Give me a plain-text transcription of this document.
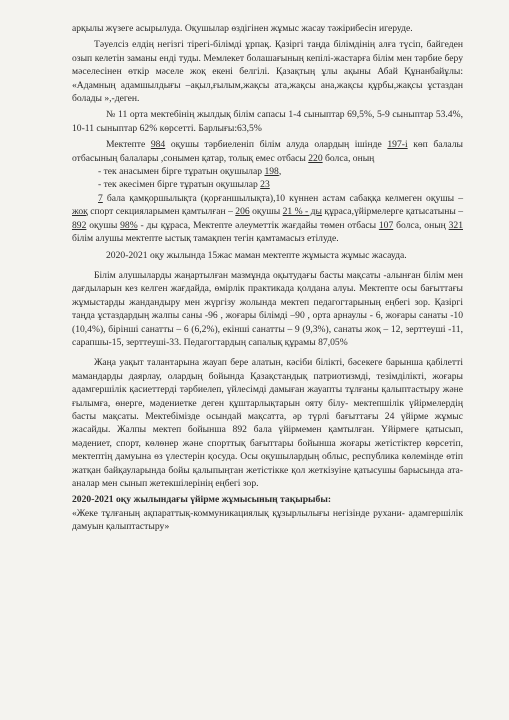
арқылы жүзеге асырылуда. Оқушылар өздігінен жұмыс жасау тәжірибесін игеруде.

Тәуелсіз елдің негізгі тірегі-білімді ұрпақ. Қазіргі таңда білімдінің алға түсіп, байгеден озып келетін заманы енді туды. Мемлекет болашағының кепілі-жастарға білім мен тәрбие беру мәселесінен өткір мәселе жоқ екені белгілі. Қазақтың ұлы ақыны Абай Құнанбайұлы: «Адамның адамшылдығы –ақыл,ғылым,жақсы ата,жақсы ана,жақсы құрбы,жақсы ұстаздан болады »,-деген.

№ 11 орта мектебінің жылдық білім сапасы 1-4 сыныптар 69,5%, 5-9 сыныптар 53.4%, 10-11 сыныптар 62% көрсетті. Барлығы:63,5%

Мектепте 984 оқушы тәрбиеленіп білім алуда олардың ішінде 197-і көп балалы отбасының балалары ,сонымен қатар, толық емес отбасы 220 болса, оның

- тек анасымен бірге тұратын оқушылар 198,

- тек әкесімен бірге тұратын оқушылар 23

7 бала қамқоршылықта (қорғаншылықта),10 күннен астам сабаққа келмеген оқушы – жоқ спорт секцияларымен қамтылған – 206 оқушы 21 % - ды құраса,үйірмелерге қатысатыны – 892 оқушы 98% - ды құраса, Мектепте әлеуметтік жағдайы төмен отбасы 107 болса, оның 321 білім алушы мектепте ыстық тамақпен тегін қамтамасыз етілуде.

2020-2021 оқу жылында 15жас маман мектепте жұмыста жұмыс жасауда.

Білім алушыларды жаңартылған мазмұнда оқытудағы басты мақсаты -алынған білім мен дағдыларын кез келген жағдайда, өмірлік практикада қолдана алуы. Мектепте осы бағыттағы жұмыстарды жандандыру мен жүргізу жолында мектеп педагогтарының еңбегі зор. Қазіргі таңда ұстаздардың жалпы саны -96 , жоғары білімді –90 , орта арнаулы - 6, жоғары санаты -10 (10,4%), бірінші санатты – 6 (6,2%), екінші санатты – 9 (9,3%), санаты жоқ – 12, зерттеуші -11, сарапшы-15, зерттеуші-33. Педагогтардың сапалық құрамы 87,05%

Жаңа уақыт талантарына жауап бере алатын, кәсіби білікті, бәсекеге барынша қабілетті мамандарды даярлау, олардың бойында Қазақстандық патриотизмді, тезімділікті, жоғары адамгершілік қасиеттерді тәрбиелеп, үйлесімді дамыған жауапты тұлғаны қалыптастыру және ғылымға, өнерге, мәдениетке деген құштарлықтарын ояту білу- мектепшілік үйірмелердің басты мақсаты. Мектебімізде осындай мақсатта, әр түрлі бағыттағы 24 үйірме жұмыс жасайды. Жалпы мектеп бойынша 892 бала үйірмемен қамтылған. Үйірмеге қатысып, мәдениет, спорт, көлөнер және спорттық бағыттары бойынша жоғары жетістіктер көрсетіп, мектептің дамуына өз үлестерін қосуда. Осы оқушылардың облыс, республика көлемінде өтіп жатқан байқауларында бойы қалыпыңтан жетістікке қол жеткізуіне қатысушы барысында ата-аналар мен сынып жетекшілерінің еңбегі зор.

2020-2021 оқу жылындағы үйірме жұмысының тақырыбы:

«Жеке тұлғаның ақпараттық-коммуникациялық құзырлылығы негізінде рухани- адамгершілік дамуын қалыптастыру»
